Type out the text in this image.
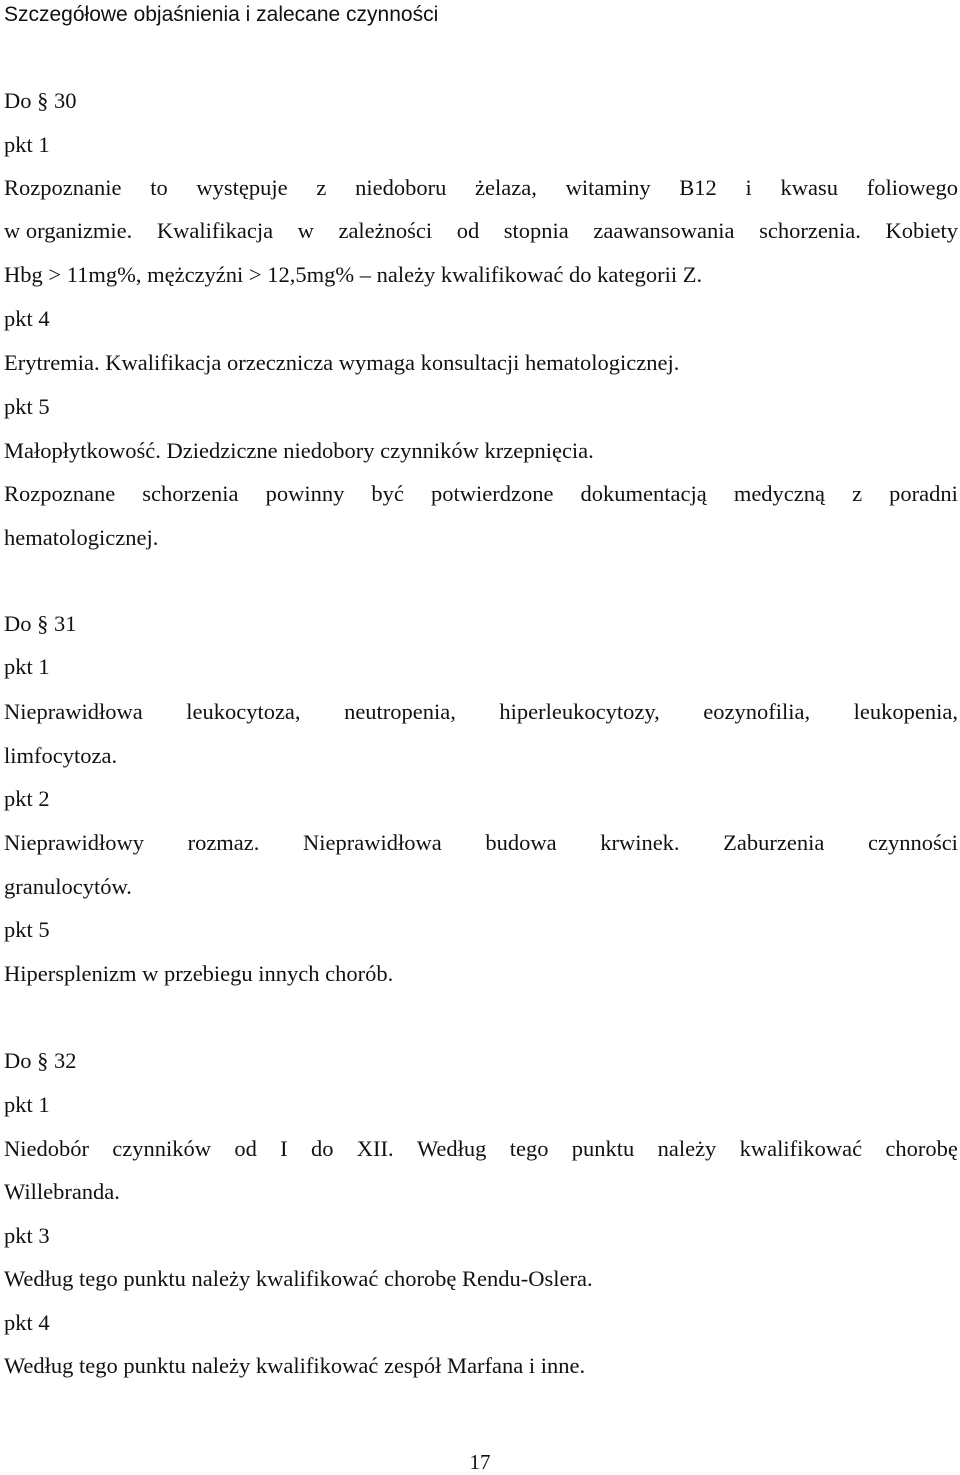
Szczegółowe objaśnienia i zalecane czynności
Do § 30
pkt 1
Rozpoznanie to występuje z niedoboru żelaza, witaminy B12 i kwasu foliowego
w organizmie. Kwalifikacja w zależności od stopnia zaawansowania schorzenia. Kobiety
Hbg > 11mg%, mężczyźni > 12,5mg% – należy kwalifikować do kategorii Z.
pkt 4
Erytremia. Kwalifikacja orzecznicza wymaga konsultacji hematologicznej.
pkt 5
Małopłytkowość. Dziedziczne niedobory czynników krzepnięcia.
Rozpoznane schorzenia powinny być potwierdzone dokumentacją medyczną z poradni
hematologicznej.
Do § 31
pkt 1
Nieprawidłowa leukocytoza, neutropenia, hiperleukocytozy, eozynofilia, leukopenia,
limfocytoza.
pkt 2
Nieprawidłowy rozmaz. Nieprawidłowa budowa krwinek. Zaburzenia czynności
granulocytów.
pkt 5
Hipersplenizm w przebiegu innych chorób.
Do § 32
pkt 1
Niedobór czynników od I do XII. Według tego punktu należy kwalifikować chorobę
Willebranda.
pkt 3
Według tego punktu należy kwalifikować chorobę Rendu-Oslera.
pkt 4
Według tego punktu należy kwalifikować zespół Marfana i inne.
17
